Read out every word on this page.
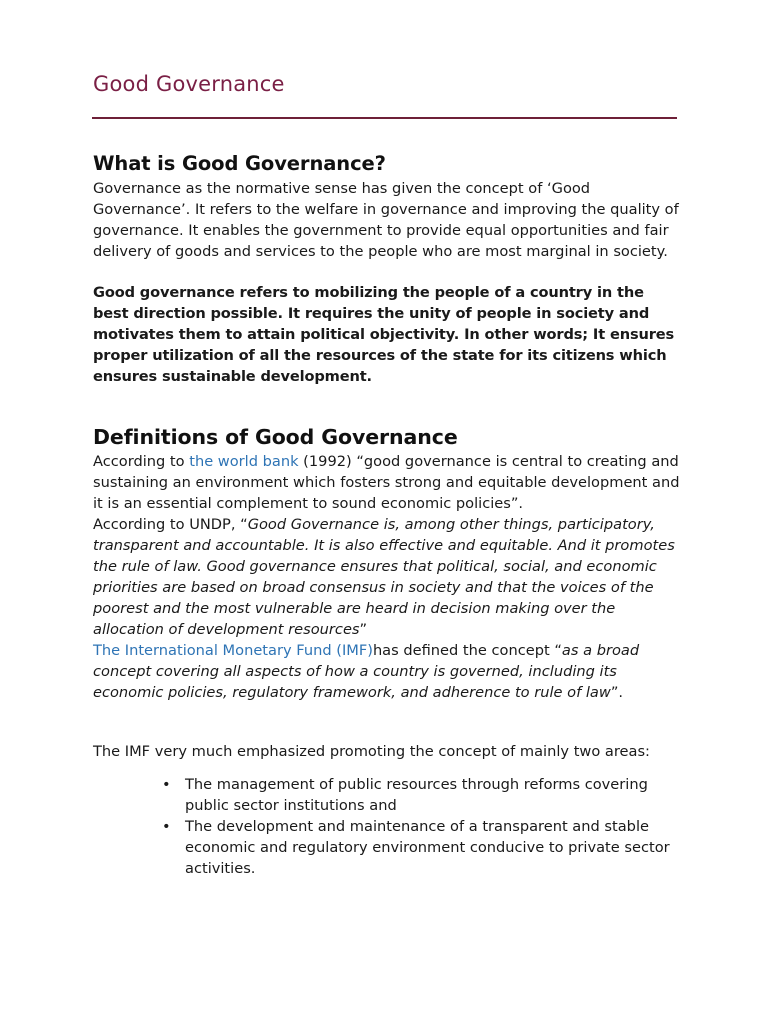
Good Governance
What is Good Governance?

Governance as the normative sense has given the concept of ‘Good Governance’. It refers to the welfare in governance and improving the quality of governance. It enables the government to provide equal opportunities and fair delivery of goods and services to the people who are most marginal in society.

Good governance refers to mobilizing the people of a country in the best direction possible. It requires the unity of people in society and motivates them to attain political objectivity. In other words; It ensures proper utilization of all the resources of the state for its citizens which ensures sustainable development.

Definitions of Good Governance

According to the world bank (1992) “good governance is central to creating and sustaining an environment which fosters strong and equitable development and it is an essential complement to sound economic policies”.

According to UNDP, “Good Governance is, among other things, participatory, transparent and accountable. It is also effective and equitable. And it promotes the rule of law. Good governance ensures that political, social, and economic priorities are based on broad consensus in society and that the voices of the poorest and the most vulnerable are heard in decision making over the allocation of development resources”

The International Monetary Fund (IMF)has defined the concept “as a broad concept covering all aspects of how a country is governed, including its economic policies, regulatory framework, and adherence to rule of law”.

The IMF very much emphasized promoting the concept of mainly two areas:

• The management of public resources through reforms covering public sector institutions and
• The development and maintenance of a transparent and stable economic and regulatory environment conducive to private sector activities.
